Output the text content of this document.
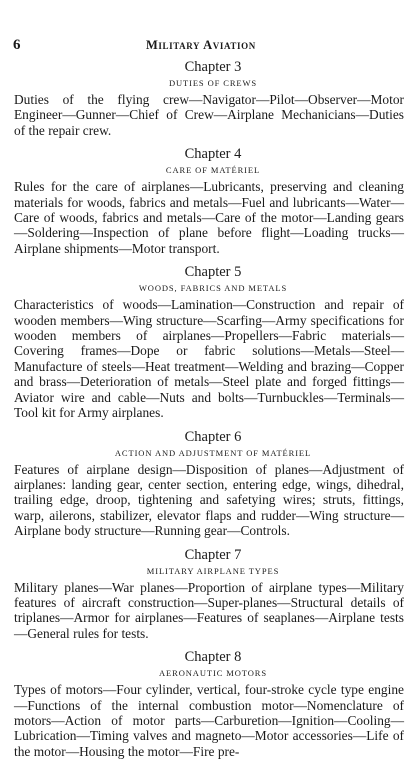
6	Military Aviation
Chapter 3
DUTIES OF CREWS

Duties of the flying crew—Navigator—Pilot—Observer—Motor Engineer—Gunner—Chief of Crew—Airplane Mechanicians—Duties of the repair crew.

Chapter 4
CARE OF MATÉRIEL

Rules for the care of airplanes—Lubricants, preserving and cleaning materials for woods, fabrics and metals—Fuel and lubricants—Water—Care of woods, fabrics and metals—Care of the motor—Landing gears—Soldering—Inspection of plane before flight—Loading trucks—Airplane shipments—Motor transport.

Chapter 5
WOODS, FABRICS AND METALS

Characteristics of woods—Lamination—Construction and repair of wooden members—Wing structure—Scarfing—Army specifications for wooden members of airplanes—Propellers—Fabric materials—Covering frames—Dope or fabric solutions—Metals—Steel—Manufacture of steels—Heat treatment—Welding and brazing—Copper and brass—Deterioration of metals—Steel plate and forged fittings—Aviator wire and cable—Nuts and bolts—Turnbuckles—Terminals—Tool kit for Army airplanes.

Chapter 6
ACTION AND ADJUSTMENT OF MATÉRIEL

Features of airplane design—Disposition of planes—Adjustment of airplanes: landing gear, center section, entering edge, wings, dihedral, trailing edge, droop, tightening and safetying wires; struts, fittings, warp, ailerons, stabilizer, elevator flaps and rudder—Wing structure—Airplane body structure—Running gear—Controls.

Chapter 7
MILITARY AIRPLANE TYPES

Military planes—War planes—Proportion of airplane types—Military features of aircraft construction—Super-planes—Structural details of triplanes—Armor for airplanes—Features of seaplanes—Airplane tests—General rules for tests.

Chapter 8
AERONAUTIC MOTORS

Types of motors—Four cylinder, vertical, four-stroke cycle type engine—Functions of the internal combustion motor—Nomenclature of motors—Action of motor parts—Carburetion—Ignition—Cooling—Lubrication—Timing valves and magneto—Motor accessories—Life of the motor—Housing the motor—Fire pre-
